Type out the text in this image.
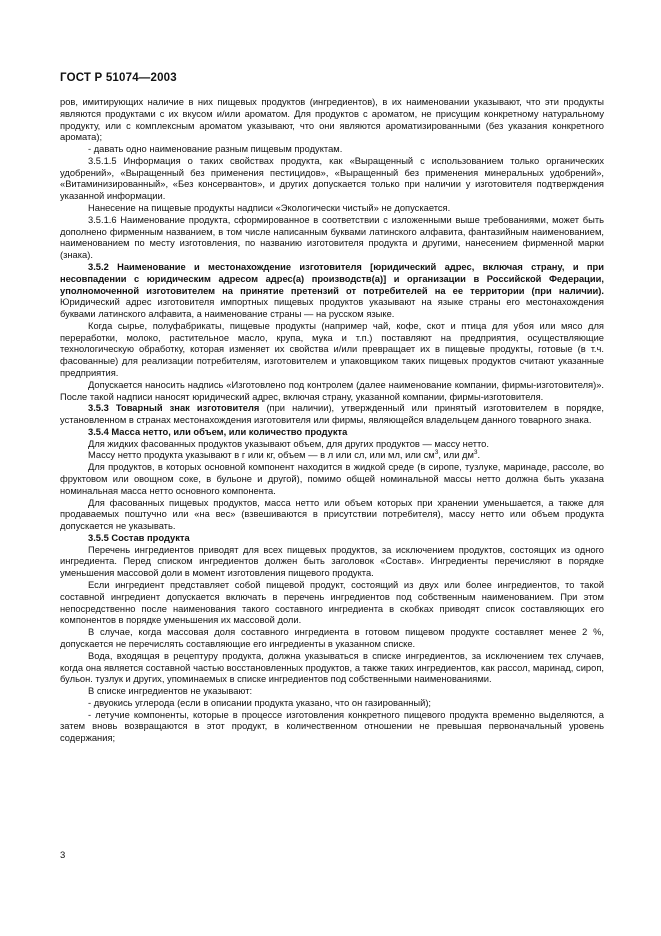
ГОСТ Р 51074—2003

ров, имитирующих наличие в них пищевых продуктов (ингредиентов), в их наименовании указывают, что эти продукты являются продуктами с их вкусом и/или ароматом. Для продуктов с ароматом, не присущим конкретному натуральному продукту, или с комплексным ароматом указывают, что они являются ароматизированными (без указания конкретного аромата);

- давать одно наименование разным пищевым продуктам.

3.5.1.5 Информация о таких свойствах продукта, как «Выращенный с использованием только органических удобрений», «Выращенный без применения пестицидов», «Выращенный без применения минеральных удобрений», «Витаминизированный», «Без консервантов», и других допускается только при наличии у изготовителя подтверждения указанной информации.

Нанесение на пищевые продукты надписи «Экологически чистый» не допускается.

3.5.1.6 Наименование продукта, сформированное в соответствии с изложенными выше требованиями, может быть дополнено фирменным названием, в том числе написанным буквами латинского алфавита, фантазийным наименованием, наименованием по месту изготовления, по названию изготовителя продукта и другими, нанесением фирменной марки (знака).

3.5.2 Наименование и местонахождение изготовителя [юридический адрес, включая страну, и при несовпадении с юридическим адресом адрес(а) производств(а)] и организации в Российской Федерации, уполномоченной изготовителем на принятие претензий от потребителей на ее территории (при наличии). Юридический адрес изготовителя импортных пищевых продуктов указывают на языке страны его местонахождения буквами латинского алфавита, а наименование страны — на русском языке.

Когда сырье, полуфабрикаты, пищевые продукты (например чай, кофе, скот и птица для убоя или мясо для переработки, молоко, растительное масло, крупа, мука и т.п.) поставляют на предприятия, осуществляющие технологическую обработку, которая изменяет их свойства и/или превращает их в пищевые продукты, готовые (в т.ч. фасованные) для реализации потребителям, изготовителем и упаковщиком таких пищевых продуктов считают указанные предприятия.

Допускается наносить надпись «Изготовлено под контролем (далее наименование компании, фирмы-изготовителя)». После такой надписи наносят юридический адрес, включая страну, указанной компании, фирмы-изготовителя.

3.5.3 Товарный знак изготовителя (при наличии), утвержденный или принятый изготовителем в порядке, установленном в странах местонахождения изготовителя или фирмы, являющейся владельцем данного товарного знака.

3.5.4 Масса нетто, или объем, или количество продукта

Для жидких фасованных продуктов указывают объем, для других продуктов — массу нетто.

Массу нетто продукта указывают в г или кг, объем — в л или сл, или мл, или $см^3$, или $дм^3$.

Для продуктов, в которых основной компонент находится в жидкой среде (в сиропе, тузлуке, маринаде, рассоле, во фруктовом или овощном соке, в бульоне и другой), помимо общей номинальной массы нетто должна быть указана номинальная масса нетто основного компонента.

Для фасованных пищевых продуктов, масса нетто или объем которых при хранении уменьшается, а также для продаваемых поштучно или «на вес» (взвешиваются в присутствии потребителя), массу нетто или объем продукта допускается не указывать.

3.5.5 Состав продукта

Перечень ингредиентов приводят для всех пищевых продуктов, за исключением продуктов, состоящих из одного ингредиента. Перед списком ингредиентов должен быть заголовок «Состав». Ингредиенты перечисляют в порядке уменьшения массовой доли в момент изготовления пищевого продукта.

Если ингредиент представляет собой пищевой продукт, состоящий из двух или более ингредиентов, то такой составной ингредиент допускается включать в перечень ингредиентов под собственным наименованием. При этом непосредственно после наименования такого составного ингредиента в скобках приводят список составляющих его компонентов в порядке уменьшения их массовой доли.

В случае, когда массовая доля составного ингредиента в готовом пищевом продукте составляет менее 2 %, допускается не перечислять составляющие его ингредиенты в указанном списке.

Вода, входящая в рецептуру продукта, должна указываться в списке ингредиентов, за исключением тех случаев, когда она является составной частью восстановленных продуктов, а также таких ингредиентов, как рассол, маринад, сироп, бульон. тузлук и других, упоминаемых в списке ингредиентов под собственными наименованиями.

В списке ингредиентов не указывают:

- двуокись углерода (если в описании продукта указано, что он газированный);

- летучие компоненты, которые в процессе изготовления конкретного пищевого продукта временно выделяются, а затем вновь возвращаются в этот продукт, в количественном отношении не превышая первоначальный уровень содержания;

3
